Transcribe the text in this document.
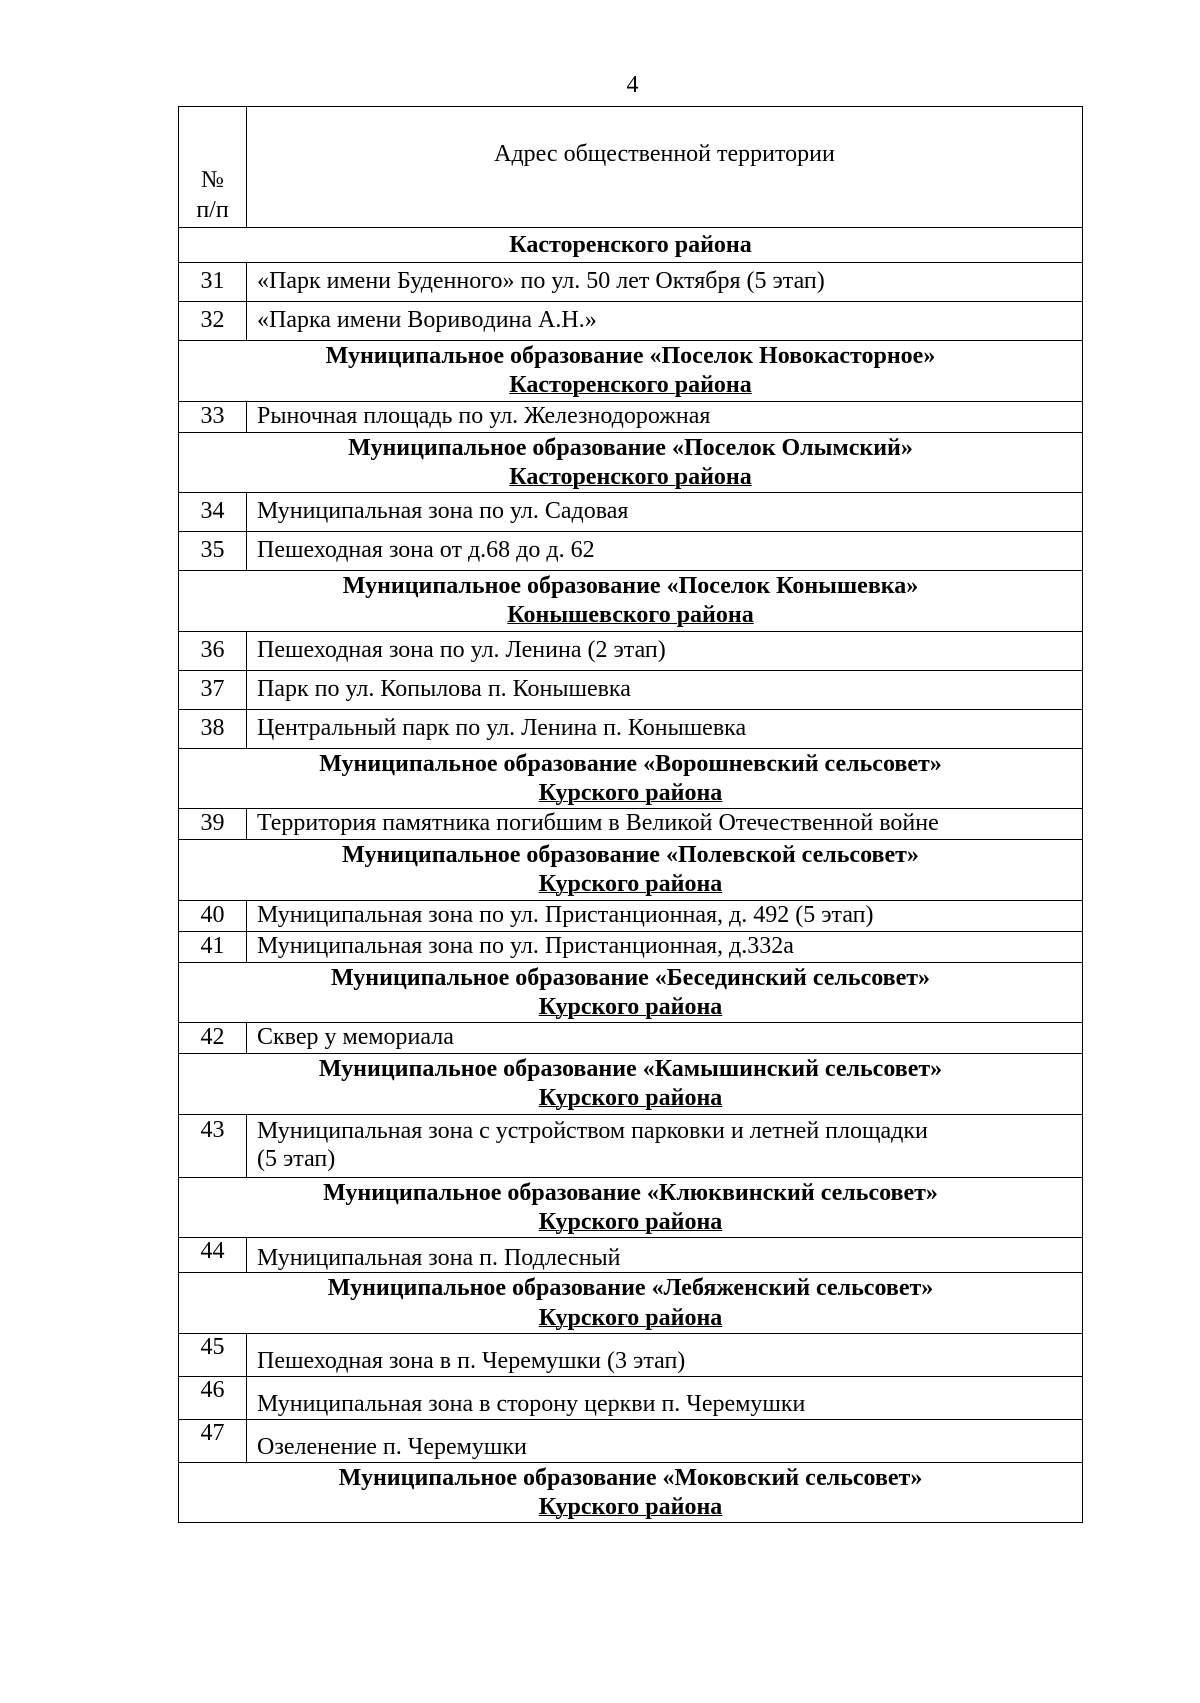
4
№
п/п	Адрес общественной территории
Касторенского района	
31	«Парк имени Буденного» по ул. 50 лет Октября (5 этап)
32	«Парка имени Воривoдина А.Н.»

Муниципальное образование «Поселок Новокасторное»
Касторенского района	

33	Рыночная площадь по ул. Железнодорожная

Муниципальное образование «Поселок Олымский»
Касторенского района	

34	Муниципальная зона по ул. Садовая
35	Пешеходная зона от д.68 до д. 62

Муниципальное образование «Поселок Конышевка»
Конышевского района	

36	Пешеходная зона по ул. Ленина (2 этап)
37	Парк по ул. Копылова п. Конышевка
38	Центральный парк по ул. Ленина п. Конышевка

Муниципальное образование «Ворошневский сельсовет»
Курского района	

39	Территория памятника погибшим в Великой Отечественной войне

Муниципальное образование «Полевской сельсовет»
Курского района	

40	Муниципальная зона по ул. Пристанционная, д. 492 (5 этап)
41	Муниципальная зона по ул. Пристанционная, д.332а

Муниципальное образование «Бесединский сельсовет»
Курского района	

42	Сквер у мемориала

Муниципальное образование «Камышинский сельсовет»
Курского района	

43	Муниципальная зона с устройством парковки и летней площадки
(5 этап)

Муниципальное образование «Клюквинский сельсовет»
Курского района	

44	Муниципальная зона п. Подлесный

Муниципальное образование «Лебяженский сельсовет»
Курского района	

45	Пешеходная зона в п. Черемушки (3 этап)
46	Муниципальная зона в сторону церкви п. Черемушки
47	Озеленение п. Черемушки

Муниципальное образование «Моковский сельсовет»
Курского района	
